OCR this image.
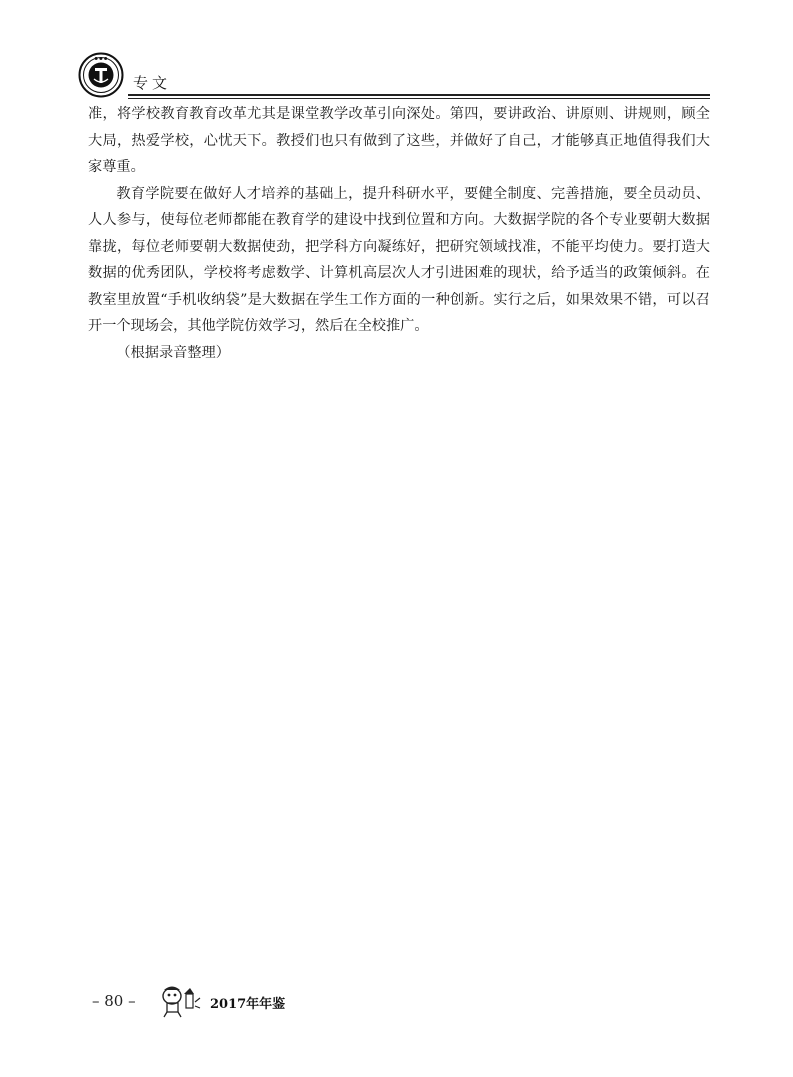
● ● ●
专文

准，将学校教育教育改革尤其是课堂教学改革引向深处。第四，要讲政治、讲原则、讲规则，顾全大局，热爱学校，心忧天下。教授们也只有做到了这些，并做好了自己，才能够真正地值得我们大家尊重。

教育学院要在做好人才培养的基础上，提升科研水平，要健全制度、完善措施，要全员动员、人人参与，使每位老师都能在教育学的建设中找到位置和方向。大数据学院的各个专业要朝大数据靠拢，每位老师要朝大数据使劲，把学科方向凝练好，把研究领域找准，不能平均使力。要打造大数据的优秀团队，学校将考虑数学、计算机高层次人才引进困难的现状，给予适当的政策倾斜。在教室里放置“手机收纳袋”是大数据在学生工作方面的一种创新。实行之后，如果效果不错，可以召开一个现场会，其他学院仿效学习，然后在全校推广。

（根据录音整理）

– 80 –	2017年年鉴
